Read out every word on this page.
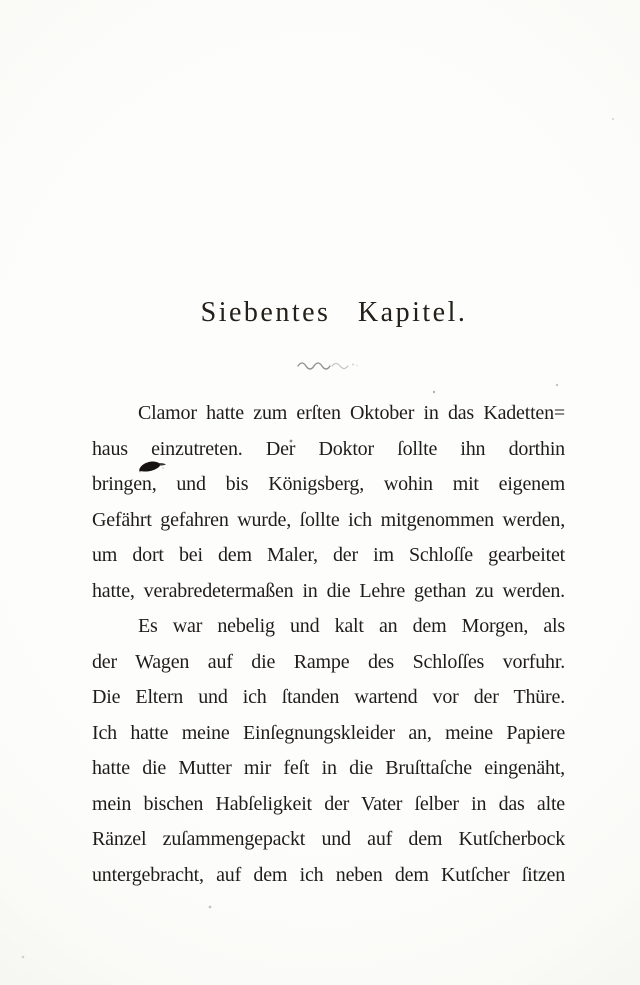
Siebentes Kapitel.
Clamor hatte zum erſten Oktober in das Kadetten=
haus einzutreten. Der Doktor ſollte ihn dorthin
bringen, und bis Königsberg, wohin mit eigenem
Gefährt gefahren wurde, ſollte ich mitgenommen werden,
um dort bei dem Maler, der im Schloſſe gearbeitet
hatte, verabredetermaßen in die Lehre gethan zu werden.
Es war nebelig und kalt an dem Morgen, als
der Wagen auf die Rampe des Schloſſes vorfuhr.
Die Eltern und ich ſtanden wartend vor der Thüre.
Ich hatte meine Einſegnungskleider an, meine Papiere
hatte die Mutter mir feſt in die Bruſttaſche eingenäht,
mein bischen Habſeligkeit der Vater ſelber in das alte
Ränzel zuſammengepackt und auf dem Kutſcherbock
untergebracht, auf dem ich neben dem Kutſcher ſitzen
